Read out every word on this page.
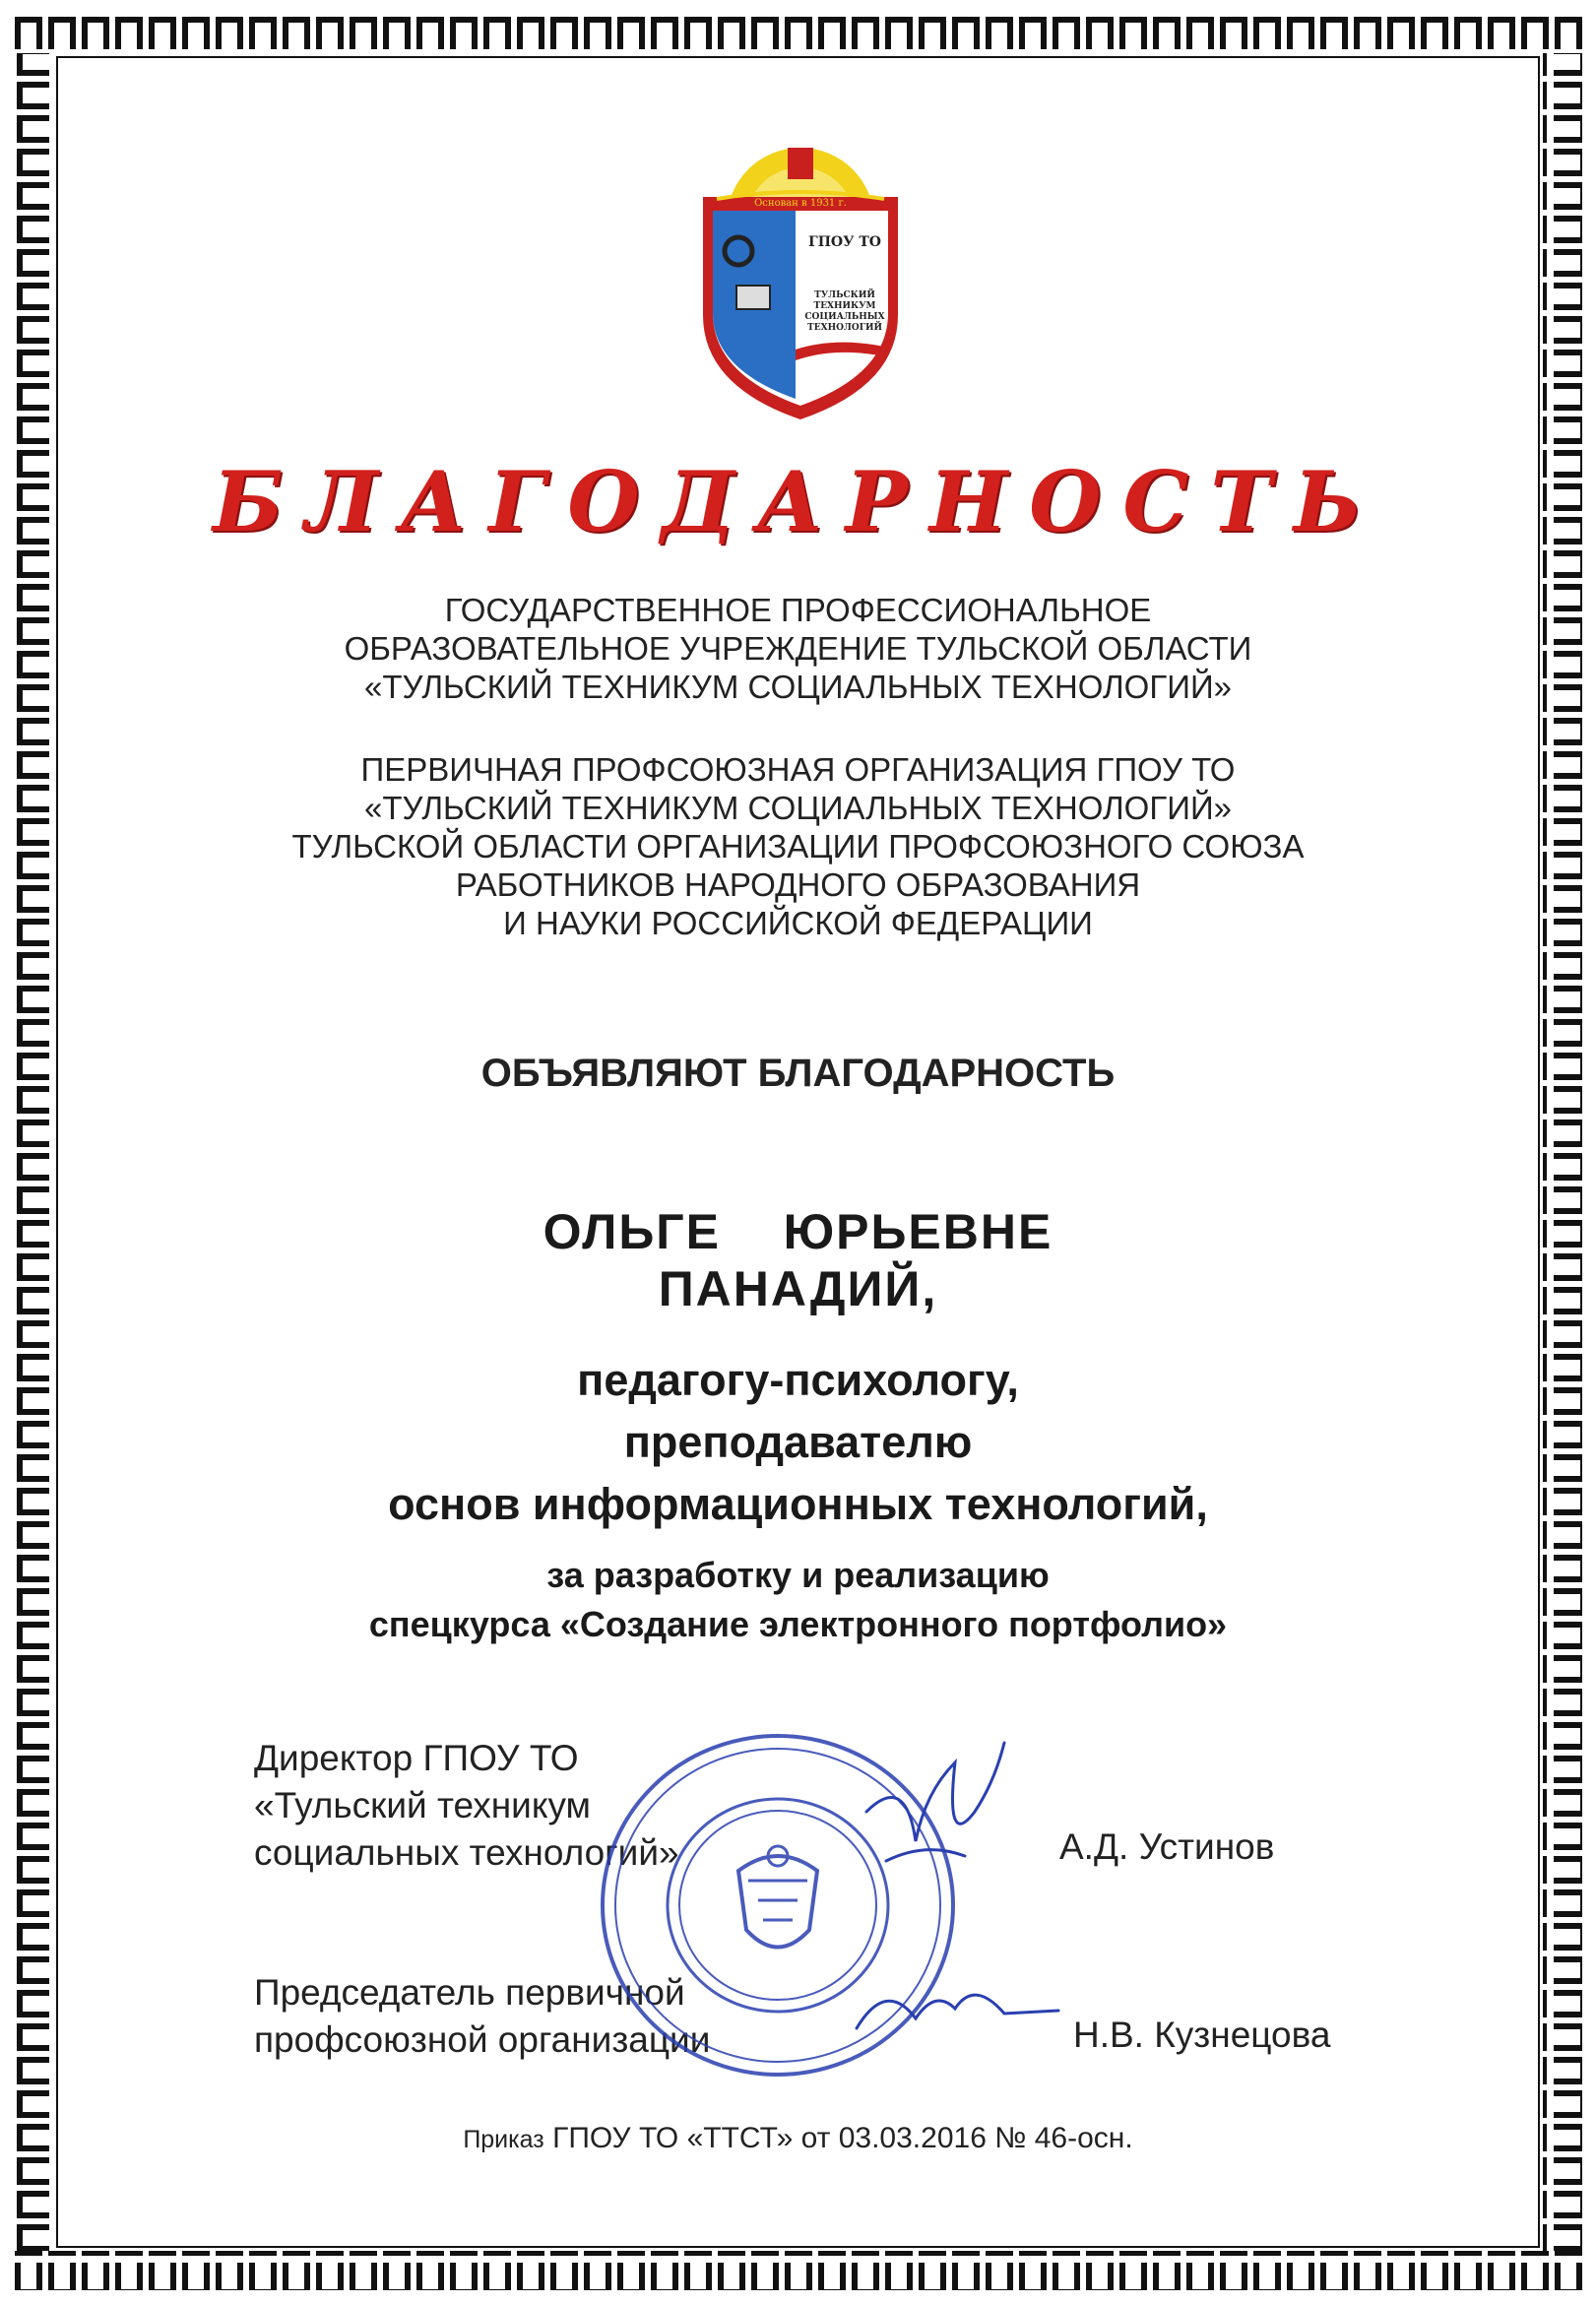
Основан в 1931 г.
ГПОУ ТО
ТУЛЬСКИЙ
ТЕХНИКУМ
СОЦИАЛЬНЫХ
ТЕХНОЛОГИЙ
БЛАГОДАРНОСТЬ
ГОСУДАРСТВЕННОЕ ПРОФЕССИОНАЛЬНОЕ
ОБРАЗОВАТЕЛЬНОЕ УЧРЕЖДЕНИЕ ТУЛЬСКОЙ ОБЛАСТИ
«ТУЛЬСКИЙ ТЕХНИКУМ СОЦИАЛЬНЫХ ТЕХНОЛОГИЙ»
ПЕРВИЧНАЯ ПРОФСОЮЗНАЯ ОРГАНИЗАЦИЯ ГПОУ ТО
«ТУЛЬСКИЙ ТЕХНИКУМ СОЦИАЛЬНЫХ ТЕХНОЛОГИЙ»
ТУЛЬСКОЙ ОБЛАСТИ ОРГАНИЗАЦИИ ПРОФСОЮЗНОГО СОЮЗА
РАБОТНИКОВ НАРОДНОГО ОБРАЗОВАНИЯ
И НАУКИ РОССИЙСКОЙ ФЕДЕРАЦИИ
ОБЪЯВЛЯЮТ БЛАГОДАРНОСТЬ
ОЛЬГЕ    ЮРЬЕВНЕ
ПАНАДИЙ,
педагогу-психологу,
преподавателю
основ информационных технологий,
за разработку и реализацию
спецкурса «Создание электронного портфолио»
Директор ГПОУ ТО
«Тульский техникум
социальных технологий»	А.Д. Устинов
Председатель первичной
профсоюзной организации	Н.В. Кузнецова
Приказ ГПОУ ТО «ТТСТ» от 03.03.2016 № 46-осн.
